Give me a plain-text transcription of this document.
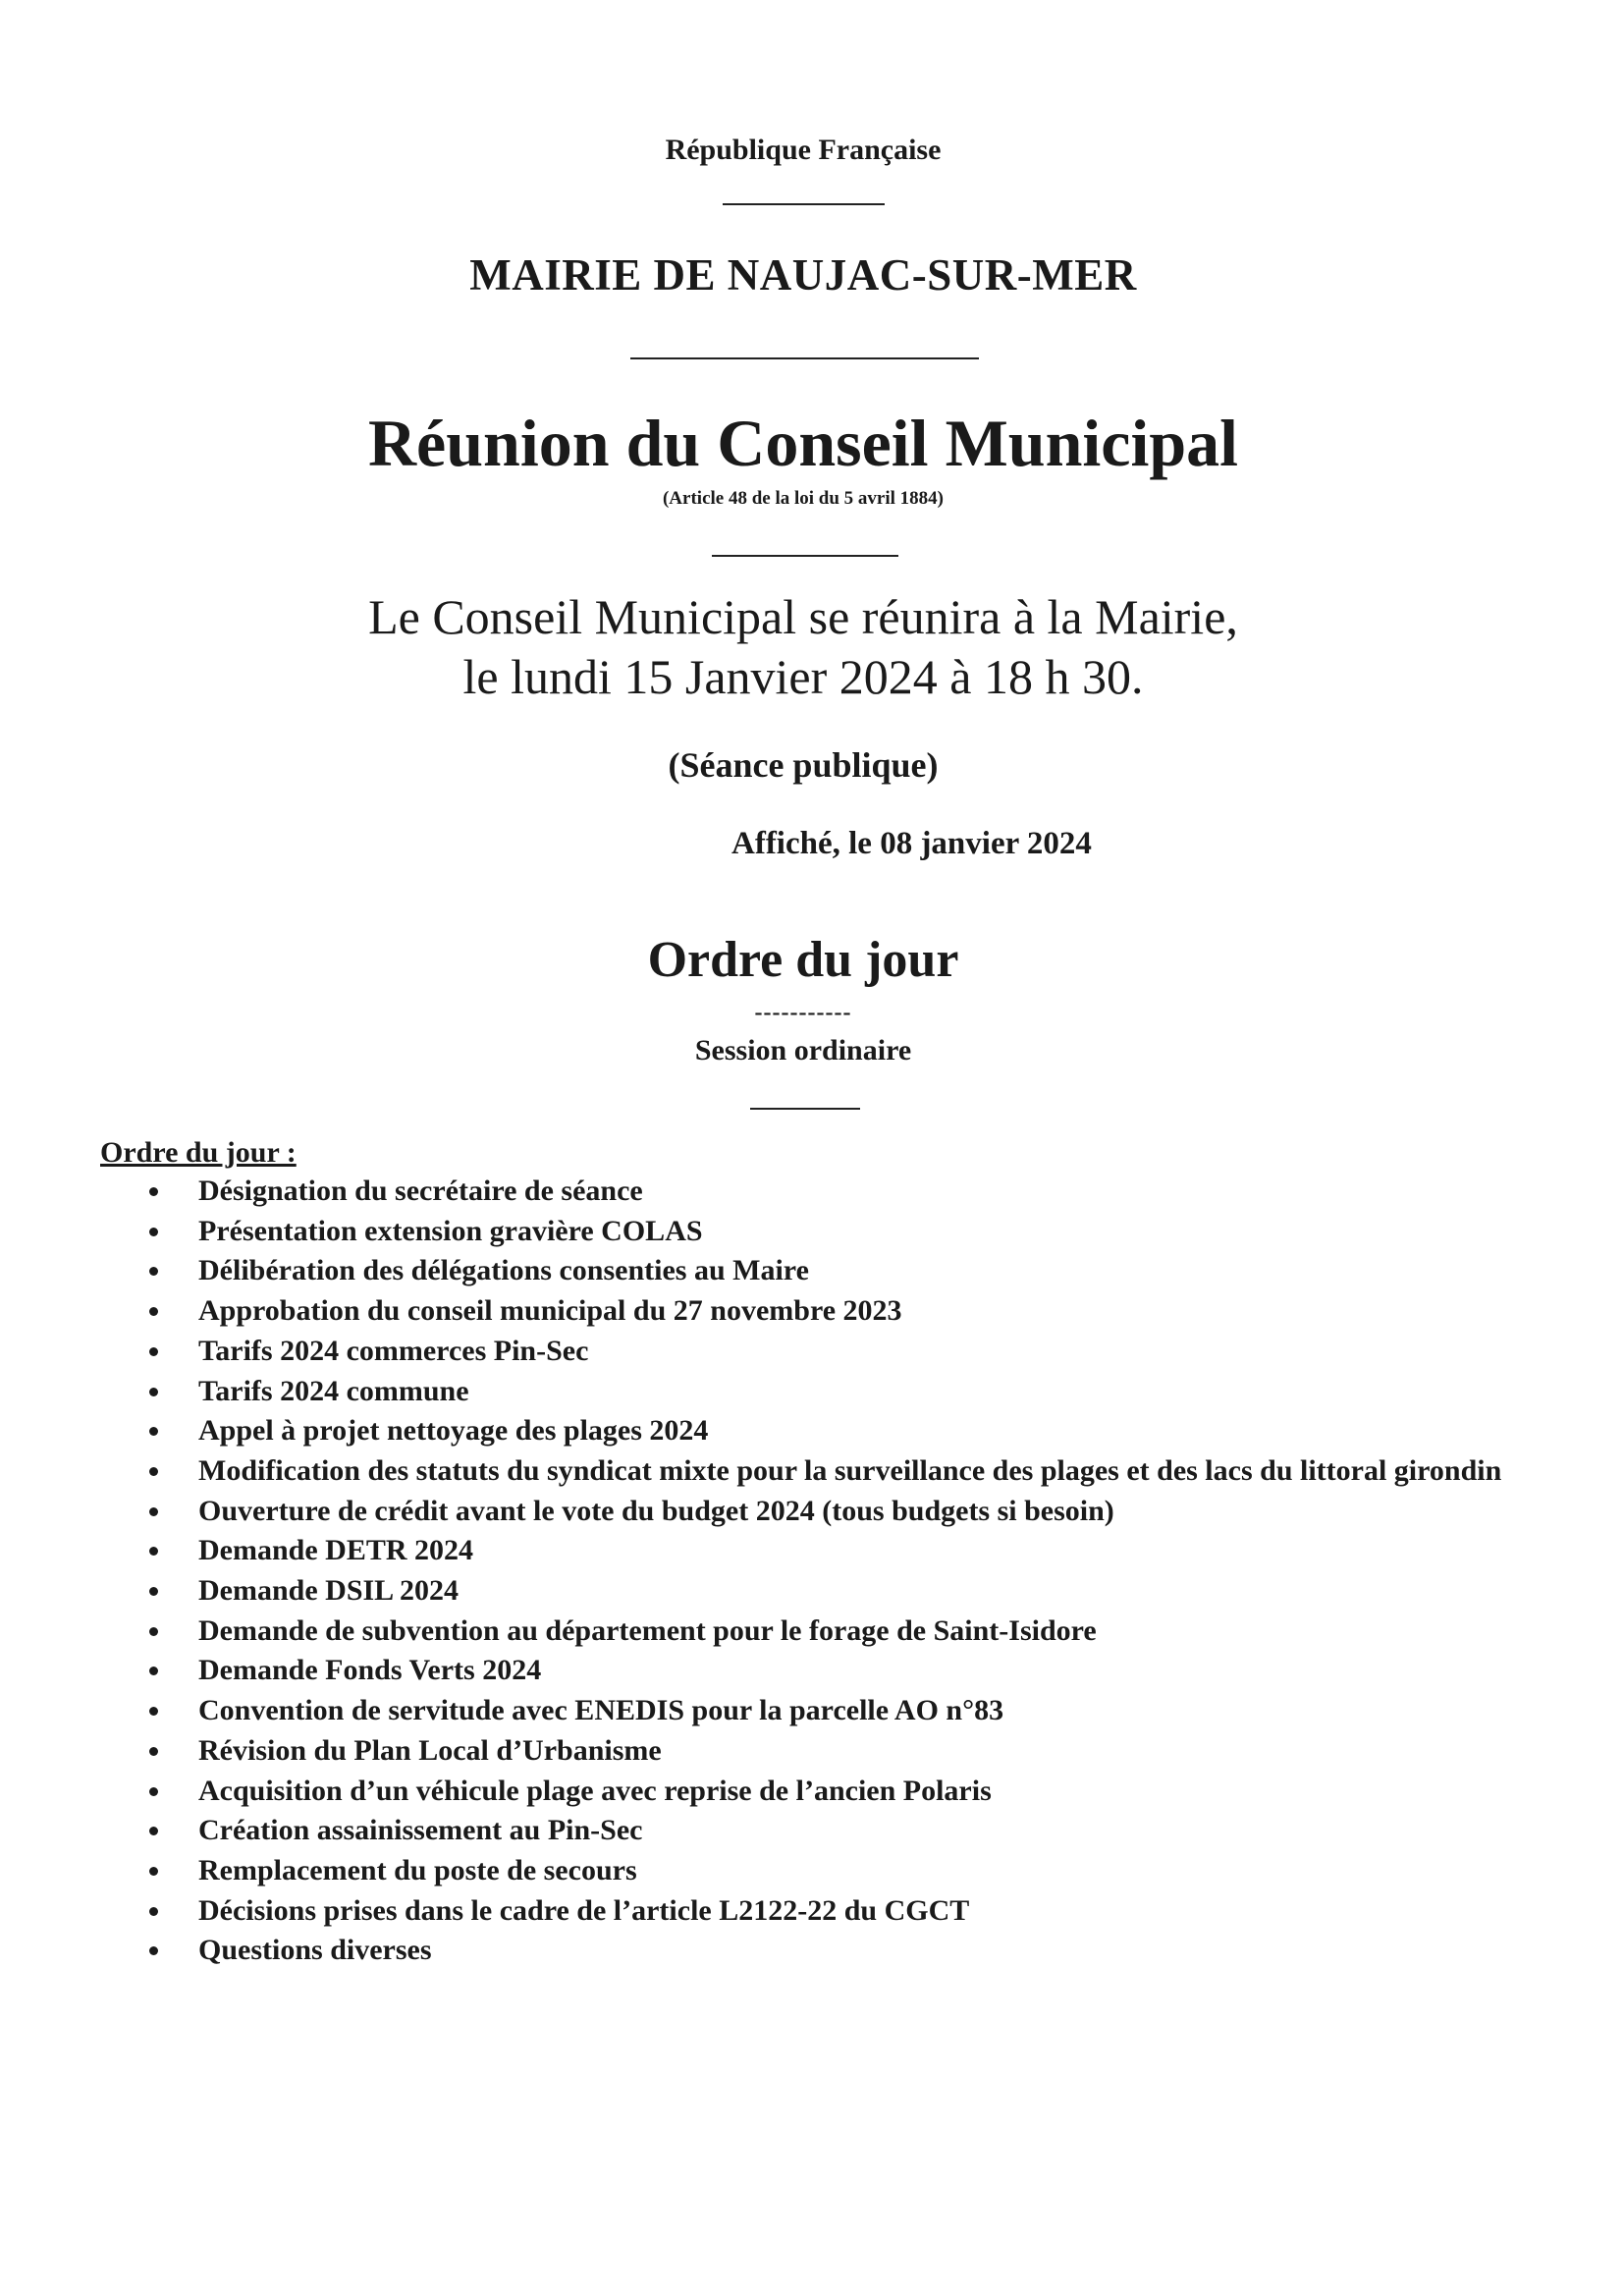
République Française
MAIRIE DE NAUJAC-SUR-MER
Réunion du Conseil Municipal
(Article 48 de la loi du 5 avril 1884)
Le Conseil Municipal se réunira à la Mairie,
le lundi 15 Janvier 2024 à 18 h 30.
(Séance publique)
Affiché, le 08 janvier 2024
Ordre du jour
-----------
Session ordinaire
Ordre du jour :
Désignation du secrétaire de séance
Présentation extension gravière COLAS
Délibération des délégations consenties au Maire
Approbation du conseil municipal du 27 novembre 2023
Tarifs 2024 commerces Pin-Sec
Tarifs 2024 commune
Appel à projet nettoyage des plages 2024
Modification des statuts du syndicat mixte pour la surveillance des plages et des lacs du littoral girondin
Ouverture de crédit avant le vote du budget 2024 (tous budgets si besoin)
Demande DETR 2024
Demande DSIL 2024
Demande de subvention au département pour le forage de Saint-Isidore
Demande Fonds Verts 2024
Convention de servitude avec ENEDIS pour la parcelle AO n°83
Révision du Plan Local d’Urbanisme
Acquisition d’un véhicule plage avec reprise de l’ancien Polaris
Création assainissement au Pin-Sec
Remplacement du poste de secours
Décisions prises dans le cadre de l’article L2122-22 du CGCT
Questions diverses
